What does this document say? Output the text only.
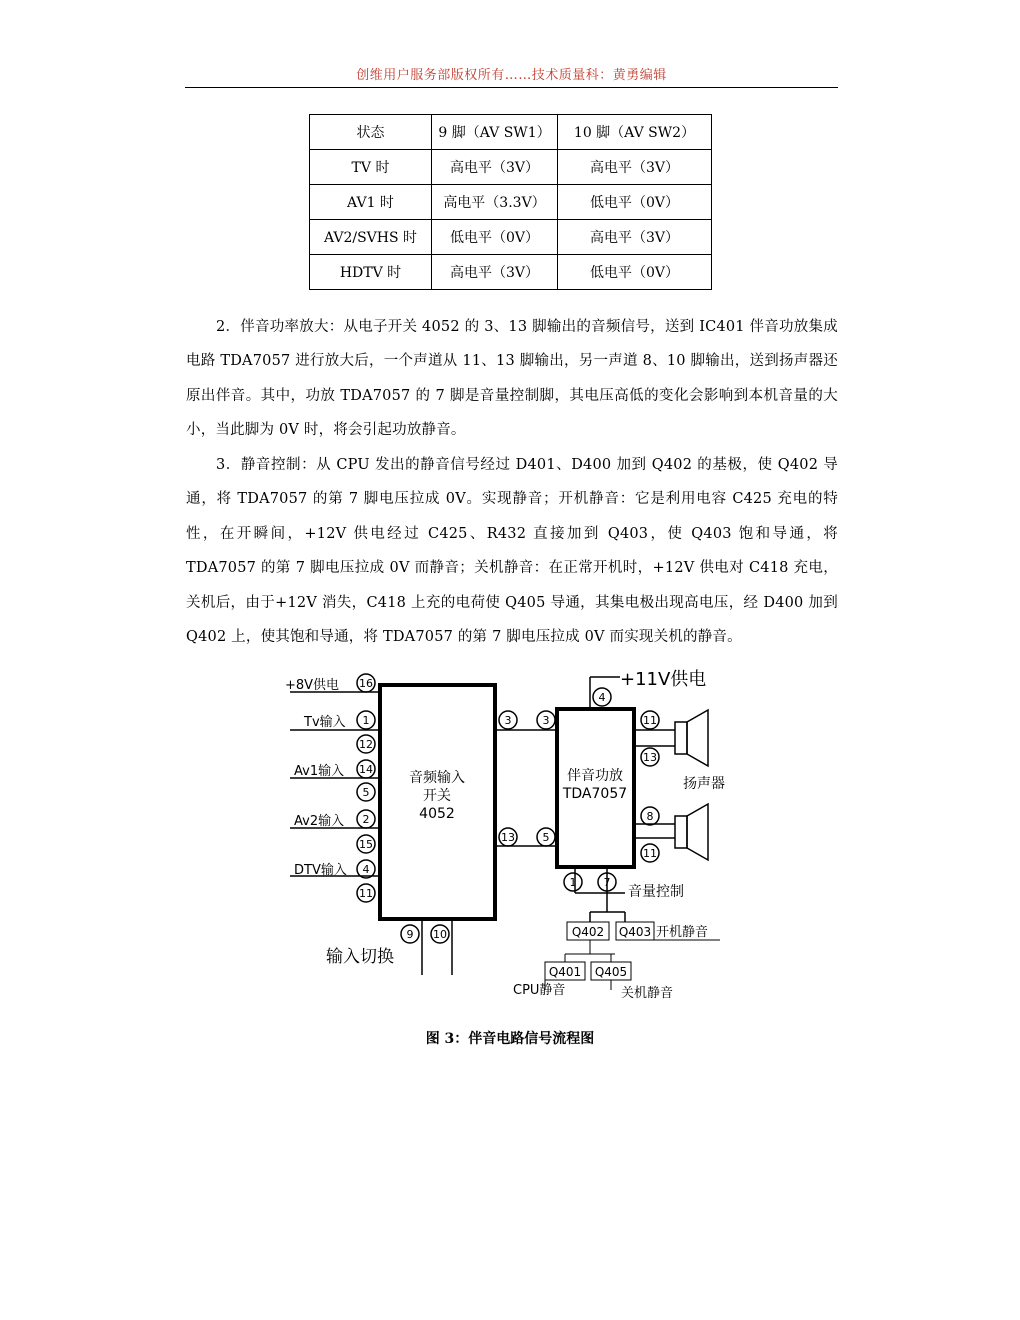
创维用户服务部版权所有……技术质量科：黄勇编辑
状态	9 脚（AV SW1）	10 脚（AV SW2）
TV 时	高电平（3V）	高电平（3V）
AV1 时	高电平（3.3V）	低电平（0V）
AV2/SVHS 时	低电平（0V）	高电平（3V）
HDTV 时	高电平（3V）	低电平（0V）

2．伴音功率放大：从电子开关 4052 的 3、13 脚输出的音频信号，送到 IC401 伴音功放集成电路 TDA7057 进行放大后，一个声道从 11、13 脚输出，另一声道 8、10 脚输出，送到扬声器还原出伴音。其中，功放 TDA7057 的 7 脚是音量控制脚，其电压高低的变化会影响到本机音量的大小，当此脚为 0V 时，将会引起功放静音。

3．静音控制：从 CPU 发出的静音信号经过 D401、D400 加到 Q402 的基极，使 Q402 导通，将 TDA7057 的第 7 脚电压拉成 0V。实现静音；开机静音：它是利用电容 C425 充电的特性，在开瞬间，+12V 供电经过 C425、R432 直接加到 Q403，使 Q403 饱和导通，将 TDA7057 的第 7 脚电压拉成 0V 而静音；关机静音：在正常开机时，+12V 供电对 C418 充电，关机后，由于+12V 消失，C418 上充的电荷使 Q405 导通，其集电极出现高电压，经 D400 加到 Q402 上，使其饱和导通，将 TDA7057 的第 7 脚电压拉成 0V 而实现关机的静音。

+8V供电
Tv输入
Av1输入
Av2输入
DTV输入
16
1
12
14
5
2
15
4
11
3
13
3
5
9 10
4
11
13
8
11
1 7
音频输入
开关
4052
伴音功放
TDA7057
输入切换
+11V供电
扬声器
音量控制
Q402 Q403
Q401 Q405
开机静音
CPU静音	关机静音
图 3：伴音电路信号流程图
